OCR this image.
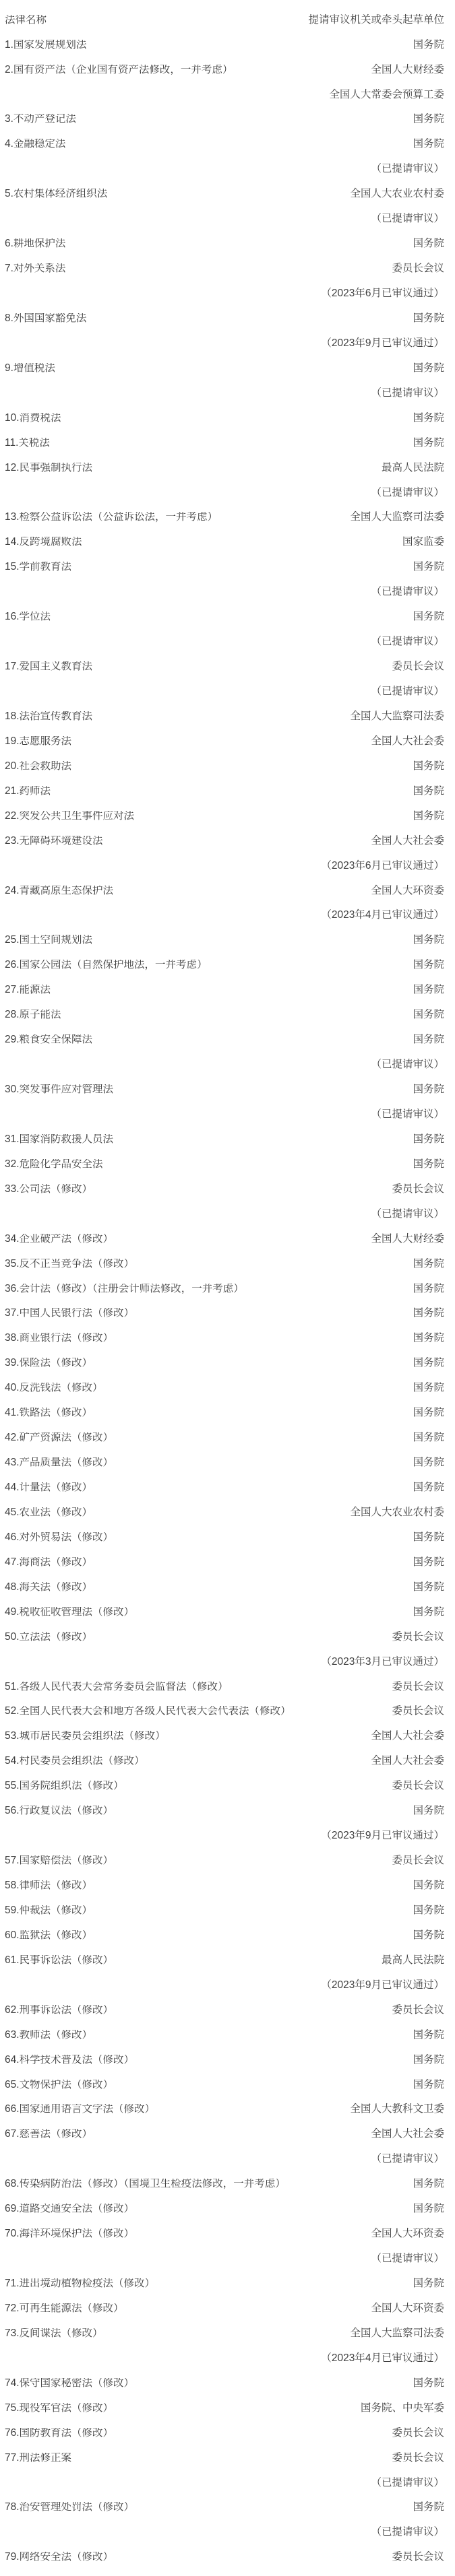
法律名称	提请审议机关或牵头起草单位
1.国家发展规划法	国务院
2.国有资产法（企业国有资产法修改，一并考虑）	全国人大财经委
全国人大常委会预算工委
3.不动产登记法	国务院
4.金融稳定法	国务院
（已提请审议）
5.农村集体经济组织法	全国人大农业农村委
（已提请审议）
6.耕地保护法	国务院
7.对外关系法	委员长会议
（2023年6月已审议通过）
8.外国国家豁免法	国务院
（2023年9月已审议通过）
9.增值税法	国务院
（已提请审议）
10.消费税法	国务院
11.关税法	国务院
12.民事强制执行法	最高人民法院
（已提请审议）
13.检察公益诉讼法（公益诉讼法，一并考虑）	全国人大监察司法委
14.反跨境腐败法	国家监委
15.学前教育法	国务院
（已提请审议）
16.学位法	国务院
（已提请审议）
17.爱国主义教育法	委员长会议
（已提请审议）
18.法治宣传教育法	全国人大监察司法委
19.志愿服务法	全国人大社会委
20.社会救助法	国务院
21.药师法	国务院
22.突发公共卫生事件应对法	国务院
23.无障碍环境建设法	全国人大社会委
（2023年6月已审议通过）
24.青藏高原生态保护法	全国人大环资委
（2023年4月已审议通过）
25.国土空间规划法	国务院
26.国家公园法（自然保护地法，一并考虑）	国务院
27.能源法	国务院
28.原子能法	国务院
29.粮食安全保障法	国务院
（已提请审议）
30.突发事件应对管理法	国务院
（已提请审议）
31.国家消防救援人员法	国务院
32.危险化学品安全法	国务院
33.公司法（修改）	委员长会议
（已提请审议）
34.企业破产法（修改）	全国人大财经委
35.反不正当竞争法（修改）	国务院
36.会计法（修改）（注册会计师法修改，一并考虑）	国务院
37.中国人民银行法（修改）	国务院
38.商业银行法（修改）	国务院
39.保险法（修改）	国务院
40.反洗钱法（修改）	国务院
41.铁路法（修改）	国务院
42.矿产资源法（修改）	国务院
43.产品质量法（修改）	国务院
44.计量法（修改）	国务院
45.农业法（修改）	全国人大农业农村委
46.对外贸易法（修改）	国务院
47.海商法（修改）	国务院
48.海关法（修改）	国务院
49.税收征收管理法（修改）	国务院
50.立法法（修改）	委员长会议
（2023年3月已审议通过）
51.各级人民代表大会常务委员会监督法（修改）	委员长会议
52.全国人民代表大会和地方各级人民代表大会代表法（修改）	委员长会议
53.城市居民委员会组织法（修改）	全国人大社会委
54.村民委员会组织法（修改）	全国人大社会委
55.国务院组织法（修改）	委员长会议
56.行政复议法（修改）	国务院
（2023年9月已审议通过）
57.国家赔偿法（修改）	委员长会议
58.律师法（修改）	国务院
59.仲裁法（修改）	国务院
60.监狱法（修改）	国务院
61.民事诉讼法（修改）	最高人民法院
（2023年9月已审议通过）
62.刑事诉讼法（修改）	委员长会议
63.教师法（修改）	国务院
64.科学技术普及法（修改）	国务院
65.文物保护法（修改）	国务院
66.国家通用语言文字法（修改）	全国人大教科文卫委
67.慈善法（修改）	全国人大社会委
（已提请审议）
68.传染病防治法（修改）（国境卫生检疫法修改，一并考虑）	国务院
69.道路交通安全法（修改）	国务院
70.海洋环境保护法（修改）	全国人大环资委
（已提请审议）
71.进出境动植物检疫法（修改）	国务院
72.可再生能源法（修改）	全国人大环资委
73.反间谍法（修改）	全国人大监察司法委
（2023年4月已审议通过）
74.保守国家秘密法（修改）	国务院
75.现役军官法（修改）	国务院、中央军委
76.国防教育法（修改）	委员长会议
77.刑法修正案	委员长会议
（已提请审议）
78.治安管理处罚法（修改）	国务院
（已提请审议）
79.网络安全法（修改）	委员长会议
